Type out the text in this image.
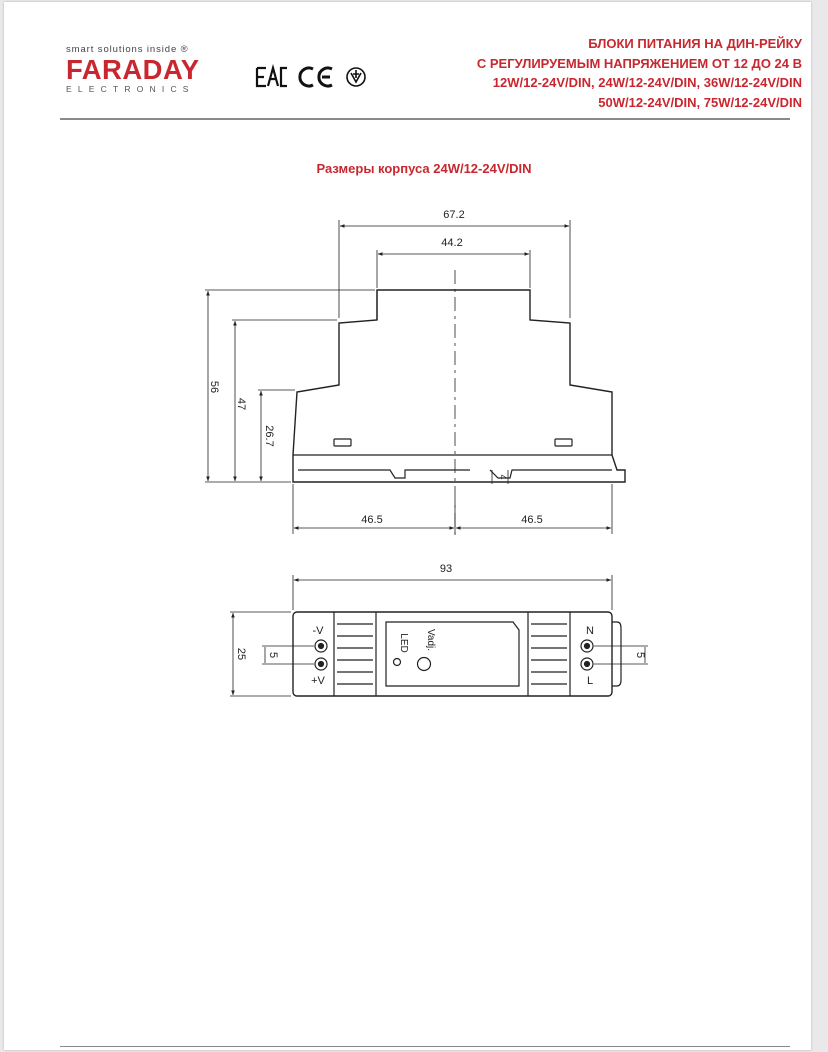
smart solutions inside ®
FARADAY
ELECTRONICS
БЛОКИ ПИТАНИЯ НА ДИН-РЕЙКУ
С РЕГУЛИРУЕМЫМ НАПРЯЖЕНИЕМ ОТ 12 ДО 24 В
12W/12-24V/DIN, 24W/12-24V/DIN, 36W/12-24V/DIN
50W/12-24V/DIN, 75W/12-24V/DIN
Размеры корпуса 24W/12-24V/DIN
67.2
44.2
56
47
26.7
4
46.5	46.5
93
25 5	5
-V
+V
N
L
LED Vadj.
